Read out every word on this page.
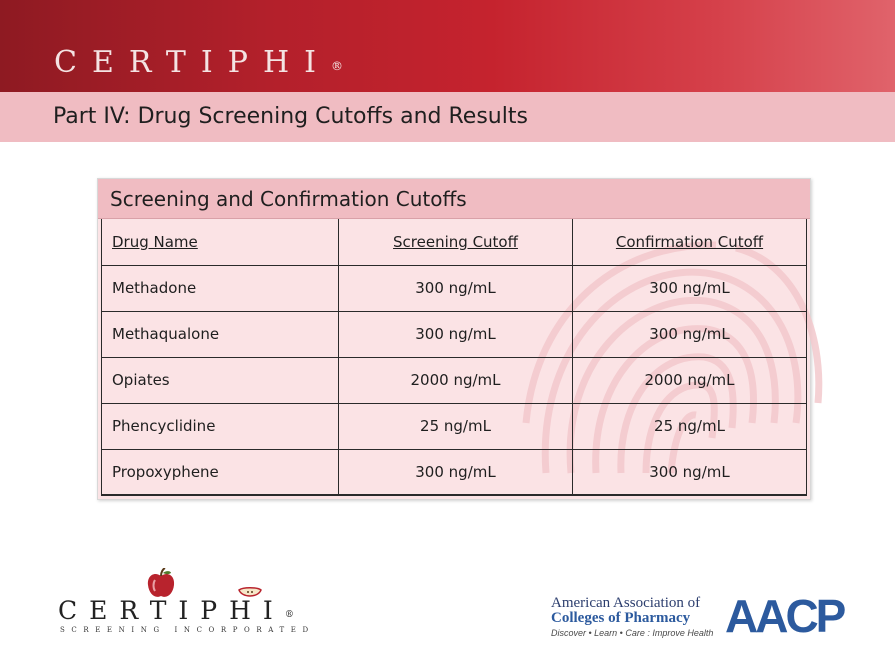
CERTIPHI®
Part IV: Drug Screening Cutoffs and Results
Screening and Confirmation Cutoffs
Drug Name	Screening Cutoff	Confirmation Cutoff
Methadone	300 ng/mL	300 ng/mL
Methaqualone	300 ng/mL	300 ng/mL
Opiates	2000 ng/mL	2000 ng/mL
Phencyclidine	25 ng/mL	25 ng/mL
Propoxyphene	300 ng/mL	300 ng/mL
CERTIPHI®
SCREENING INCORPORATED
American Association of
Colleges of Pharmacy
Discover • Learn • Care : Improve Health AACP
